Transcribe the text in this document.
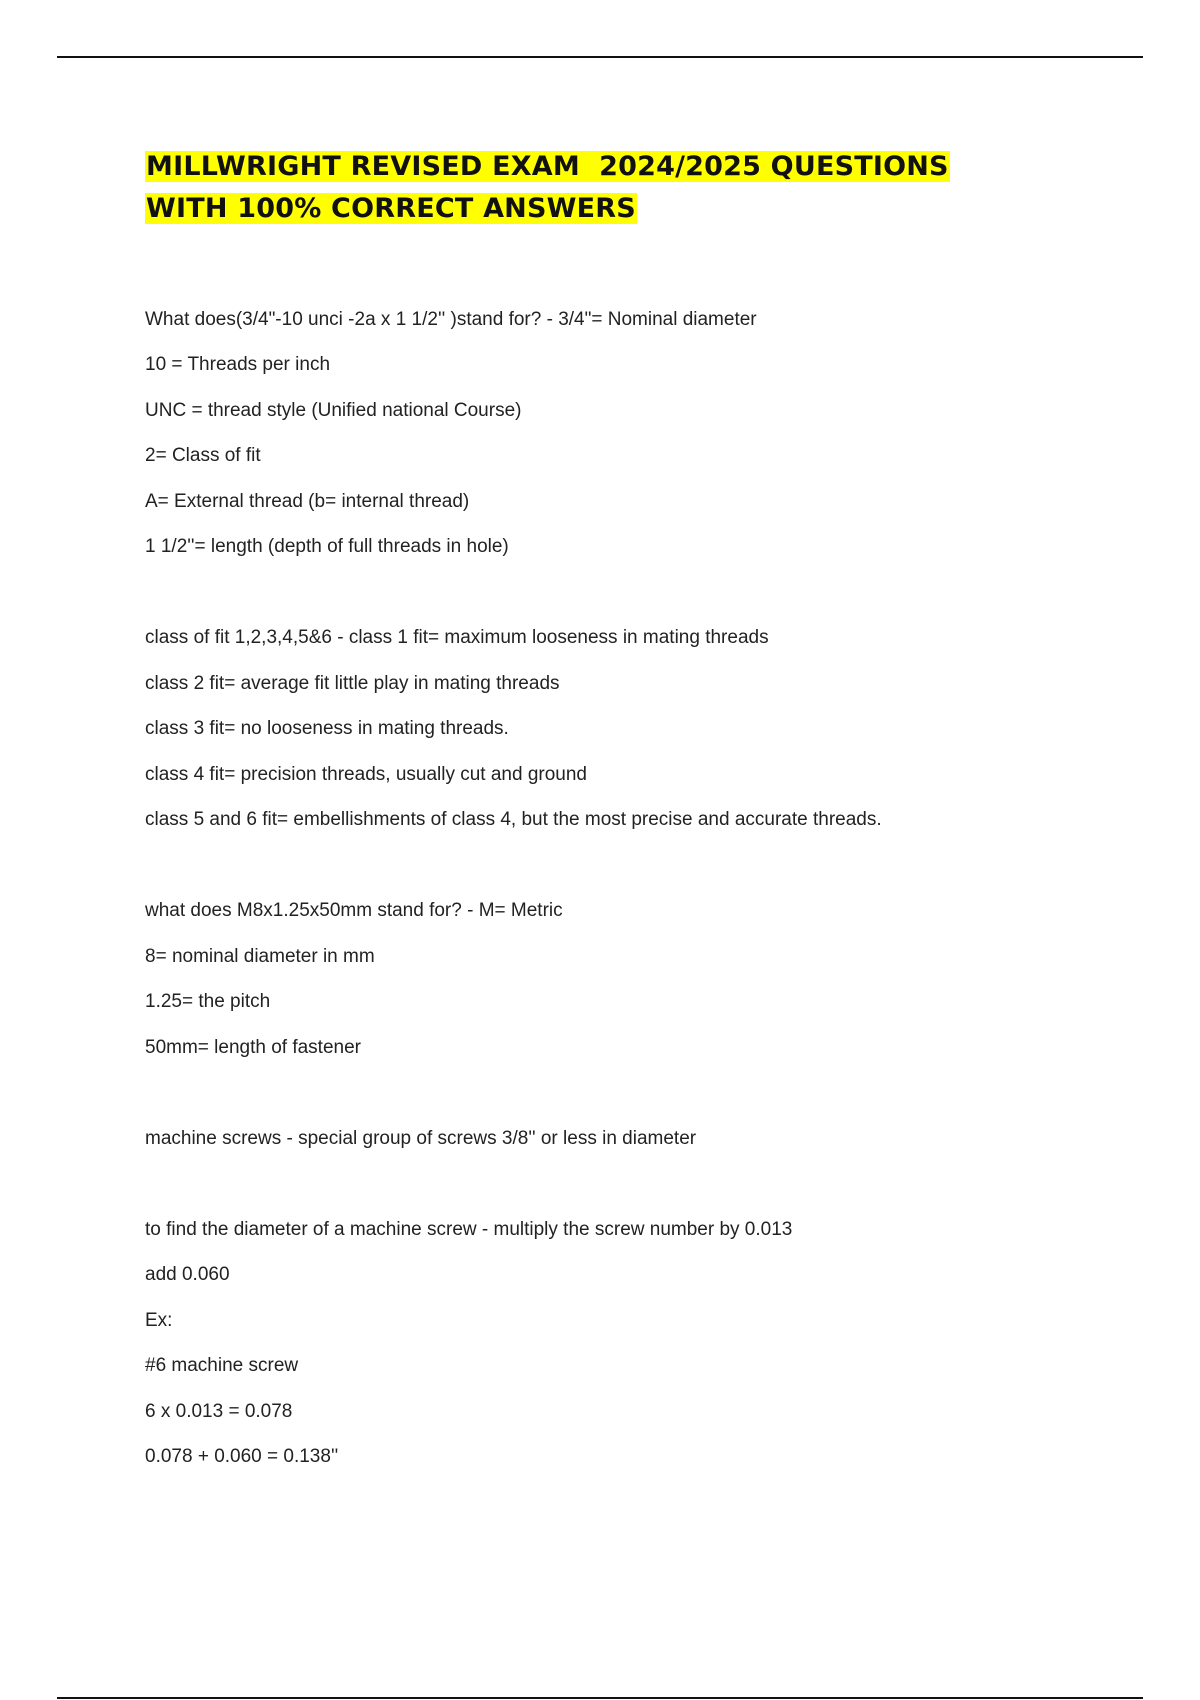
MILLWRIGHT REVISED EXAM  2024/2025 QUESTIONS
WITH 100% CORRECT ANSWERS
What does(3/4"-10 unci -2a x 1 1/2'' )stand for? - 3/4"= Nominal diameter
10 = Threads per inch
UNC = thread style (Unified national Course)
2= Class of fit
A= External thread (b= internal thread)
1 1/2''= length (depth of full threads in hole)
class of fit 1,2,3,4,5&6 - class 1 fit= maximum looseness in mating threads
class 2 fit= average fit little play in mating threads
class 3 fit= no looseness in mating threads.
class 4 fit= precision threads, usually cut and ground
class 5 and 6 fit= embellishments of class 4, but the most precise and accurate threads.
what does M8x1.25x50mm stand for? - M= Metric
8= nominal diameter in mm
1.25= the pitch
50mm= length of fastener
machine screws - special group of screws 3/8'' or less in diameter
to find the diameter of a machine screw - multiply the screw number by 0.013
add 0.060
Ex:
#6 machine screw
6 x 0.013 = 0.078
0.078 + 0.060 = 0.138''
